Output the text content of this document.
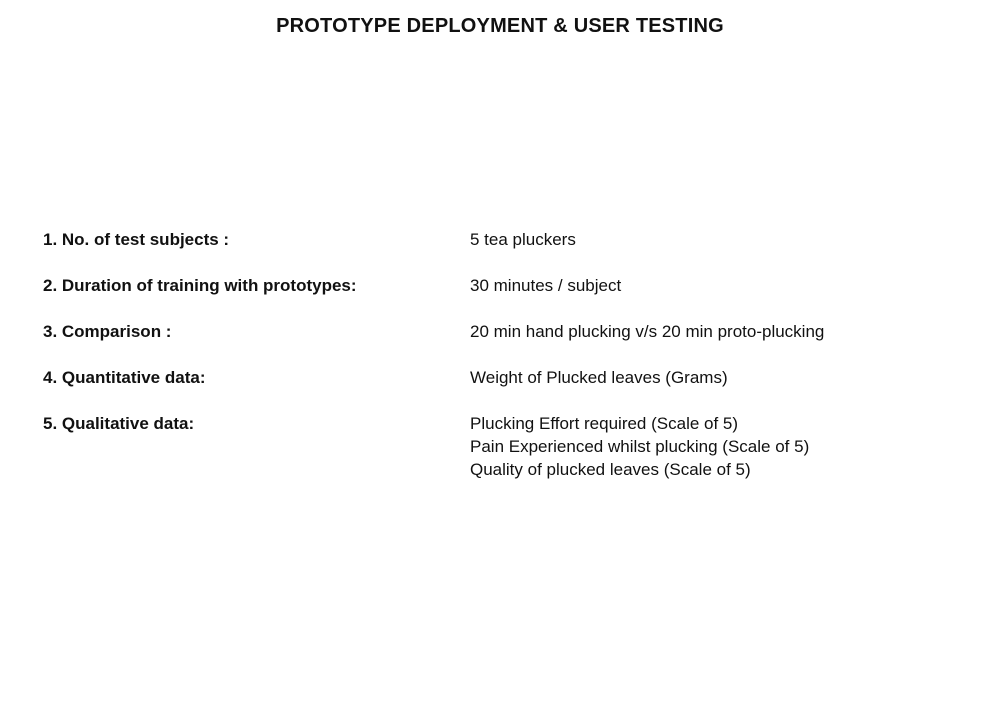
PROTOTYPE DEPLOYMENT & USER TESTING
1. No. of test subjects :	5 tea pluckers
2. Duration of training with prototypes:	30 minutes / subject
3. Comparison :	20 min hand plucking v/s 20 min proto-plucking
4. Quantitative data:	Weight of Plucked leaves (Grams)
5. Qualitative data:	Plucking Effort required (Scale of 5)
Pain Experienced whilst plucking (Scale of 5)
Quality of plucked leaves (Scale of 5)
